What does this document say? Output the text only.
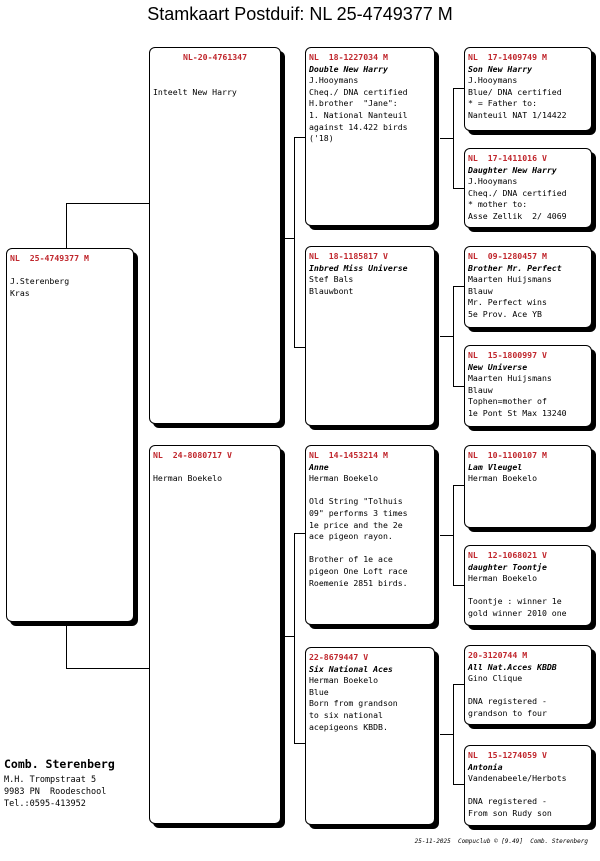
Stamkaart Postduif: NL 25-4749377 M
NL  25-4749377 M
J.Sterenberg
Kras
NL-20-4761347
Inteelt New Harry
NL  24-8080717 V
Herman Boekelo
NL  18-1227034 M
Double New Harry
J.Hooymans
Cheq./ DNA certified
H.brother  "Jane":
1. National Nanteuil
against 14.422 birds
('18)
NL  18-1185817 V
Inbred Miss Universe
Stef Bals
Blauwbont
NL  14-1453214 M
Anne
Herman Boekelo
Old String "Tolhuis
09" performs 3 times
1e price and the 2e
ace pigeon rayon.
Brother of 1e ace
pigeon One Loft race
Roemenie 2851 birds.
22-8679447 V
Six National Aces
Herman Boekelo
Blue
Born from grandson
to six national
acepigeons KBDB.
NL  17-1409749 M
Son New Harry
J.Hooymans
Blue/ DNA certified
* = Father to:
Nanteuil NAT 1/14422
NL  17-1411016 V
Daughter New Harry
J.Hooymans
Cheq./ DNA certified
* mother to:
Asse Zellik  2/ 4069
NL  09-1280457 M
Brother Mr. Perfect
Maarten Huijsmans
Blauw
Mr. Perfect wins
5e Prov. Ace YB
NL  15-1800997 V
New Universe
Maarten Huijsmans
Blauw
Tophen=mother of
1e Pont St Max 13240
NL  10-1100107 M
Lam Vleugel
Herman Boekelo
NL  12-1068021 V
daughter Toontje
Herman Boekelo
Toontje : winner 1e
gold winner 2010 one
20-3120744 M
All Nat.Acces KBDB
Gino Clique
DNA registered -
grandson to four
NL  15-1274059 V
Antonia
Vandenabeele/Herbots
DNA registered -
From son Rudy son
Comb. Sterenberg
M.H. Trompstraat 5
9983 PN  Roodeschool
Tel.:0595-413952
25-11-2025  Compuclub © [9.49]  Comb. Sterenberg
